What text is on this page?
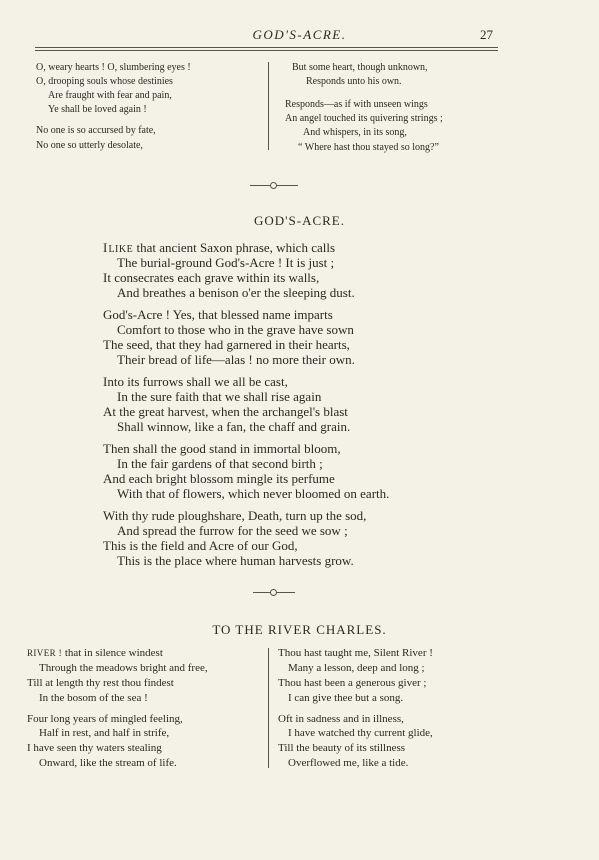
GOD'S-ACRE.	27
O, weary hearts ! O, slumbering eyes !
O, drooping souls whose destinies
Are fraught with fear and pain,
Ye shall be loved again !
No one is so accursed by fate,
No one so utterly desolate,
But some heart, though unknown,
Responds unto his own.
Responds—as if with unseen wings
An angel touched its quivering strings ;
And whispers, in its song,
“ Where hast thou stayed so long?”
GOD'S-ACRE.
I LIKE that ancient Saxon phrase, which calls
The burial-ground God's-Acre ! It is just ;
It consecrates each grave within its walls,
And breathes a benison o'er the sleeping dust.
God's-Acre ! Yes, that blessed name imparts
Comfort to those who in the grave have sown
The seed, that they had garnered in their hearts,
Their bread of life—alas ! no more their own.
Into its furrows shall we all be cast,
In the sure faith that we shall rise again
At the great harvest, when the archangel's blast
Shall winnow, like a fan, the chaff and grain.
Then shall the good stand in immortal bloom,
In the fair gardens of that second birth ;
And each bright blossom mingle its perfume
With that of flowers, which never bloomed on earth.
With thy rude ploughshare, Death, turn up the sod,
And spread the furrow for the seed we sow ;
This is the field and Acre of our God,
This is the place where human harvests grow.
TO THE RIVER CHARLES.
RIVER ! that in silence windest
Through the meadows bright and free,
Till at length thy rest thou findest
In the bosom of the sea !
Four long years of mingled feeling,
Half in rest, and half in strife,
I have seen thy waters stealing
Onward, like the stream of life.
Thou hast taught me, Silent River !
Many a lesson, deep and long ;
Thou hast been a generous giver ;
I can give thee but a song.
Oft in sadness and in illness,
I have watched thy current glide,
Till the beauty of its stillness
Overflowed me, like a tide.
